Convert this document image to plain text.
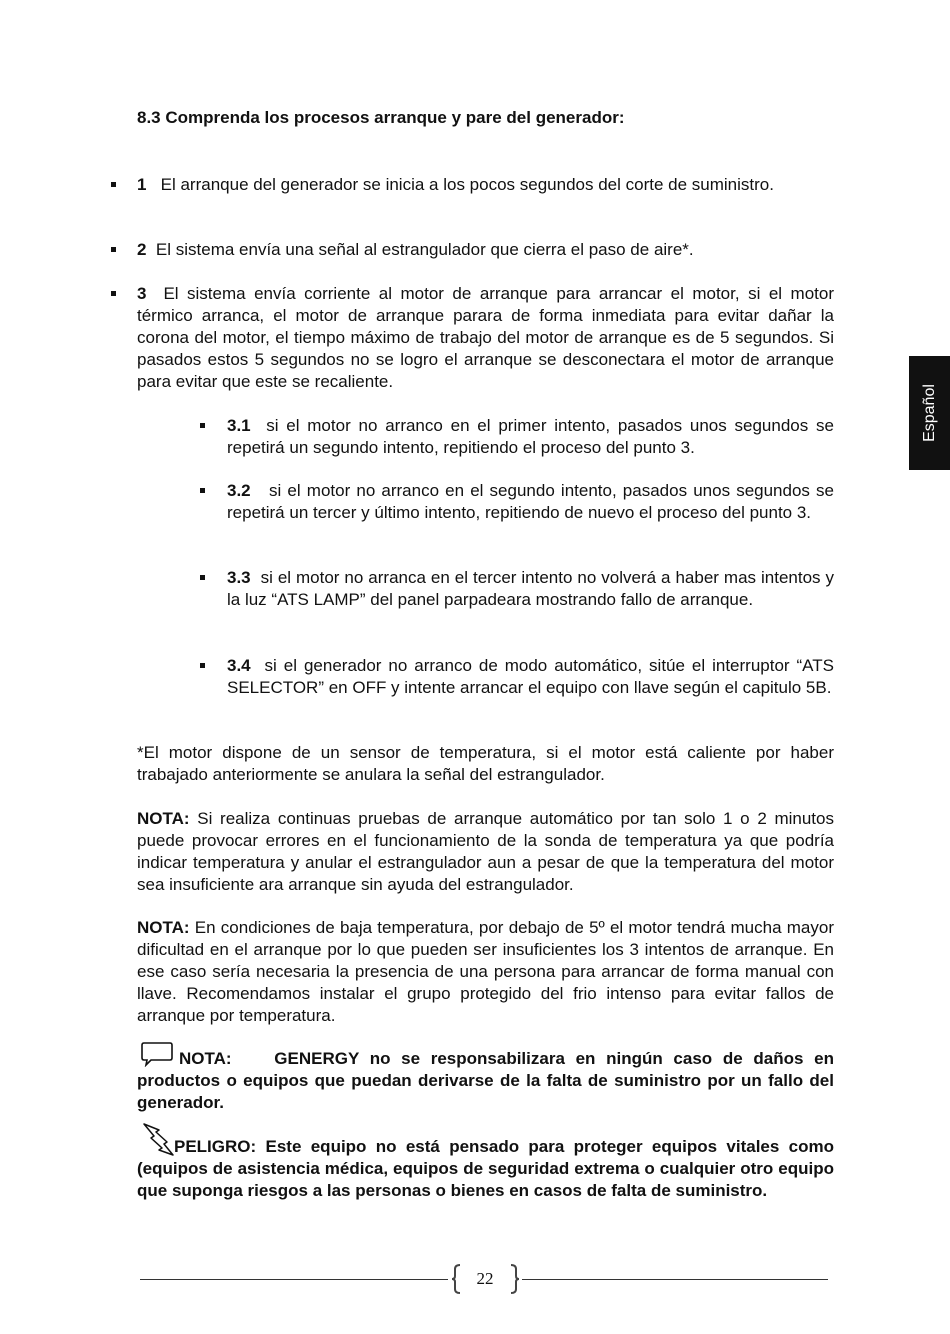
8.3 Comprenda los procesos arranque y pare del generador:
1 El arranque del generador se inicia a los pocos segundos del corte de suministro.
2 El sistema envía una señal al estrangulador que cierra el paso de aire*.
3 El sistema envía corriente al motor de arranque para arrancar el motor, si el motor térmico arranca, el motor de arranque parara de forma inmediata para evitar dañar la corona del motor, el tiempo máximo de trabajo del motor de arranque es de 5 segundos. Si pasados estos 5 segundos no se logro el arranque se desconectara el motor de arranque para evitar que este se recaliente.
3.1 si el motor no arranco en el primer intento, pasados unos segundos se repetirá un segundo intento, repitiendo el proceso del punto 3.
3.2 si el motor no arranco en el segundo intento, pasados unos segundos se repetirá un tercer y último intento, repitiendo de nuevo el proceso del punto 3.
3.3 si el motor no arranca en el tercer intento no volverá a haber mas intentos y la luz “ATS LAMP” del panel parpadeara mostrando fallo de arranque.
3.4 si el generador no arranco de modo automático, sitúe el interruptor “ATS SELECTOR” en OFF y intente arrancar el equipo con llave según el capitulo 5B.
*El motor dispone de un sensor de temperatura, si el motor está caliente por haber trabajado anteriormente se anulara la señal del estrangulador.
NOTA: Si realiza continuas pruebas de arranque automático por tan solo 1 o 2 minutos puede provocar errores en el funcionamiento de la sonda de temperatura ya que podría indicar temperatura y anular el estrangulador aun a pesar de que la temperatura del motor sea insuficiente ara arranque sin ayuda del estrangulador.
NOTA: En condiciones de baja temperatura, por debajo de 5º el motor tendrá mucha mayor dificultad en el arranque por lo que pueden ser insuficientes los 3 intentos de arranque. En ese caso sería necesaria la presencia de una persona para arrancar de forma manual con llave. Recomendamos instalar el grupo protegido del frio intenso para evitar fallos de arranque por temperatura.
NOTA:	GENERGY no se responsabilizara en ningún caso de daños en productos o equipos que puedan derivarse de la falta de suministro por un fallo del generador.
PELIGRO: Este equipo no está pensado para proteger equipos vitales como (equipos de asistencia médica, equipos de seguridad extrema o cualquier otro equipo que suponga riesgos a las personas o bienes en casos de falta de suministro.
Español
22
